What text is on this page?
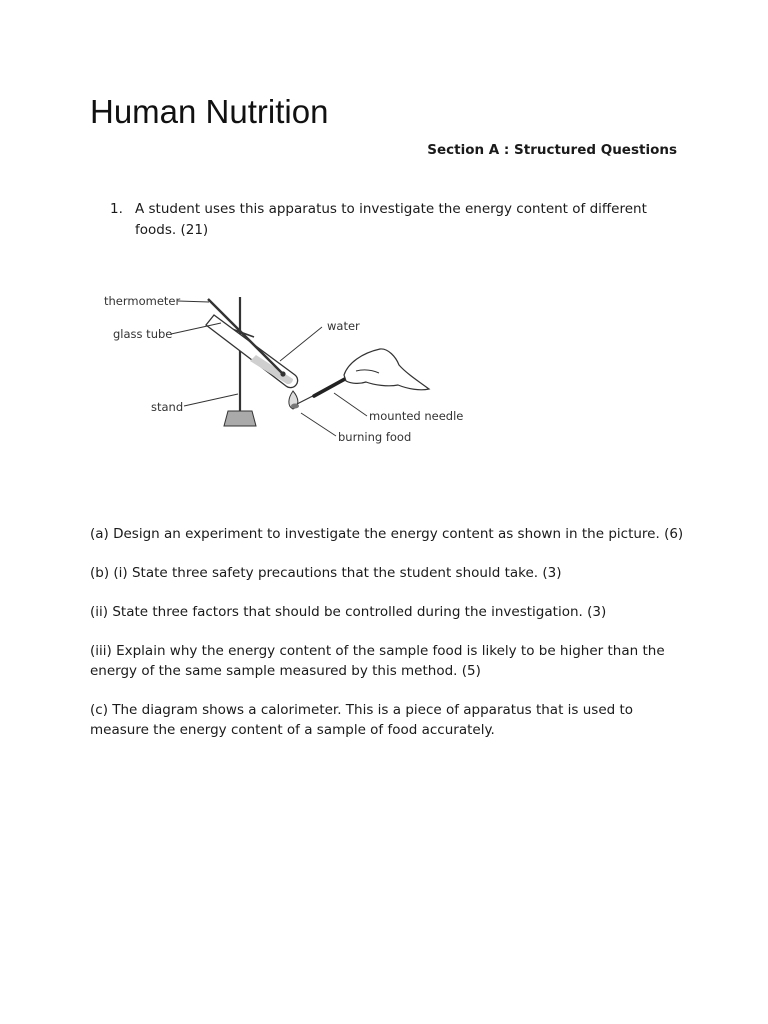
Human Nutrition
Section A : Structured Questions
1. A student uses this apparatus to investigate the energy content of different foods. (21)
thermometer
glass tube
water
stand
mounted needle
burning food

(a) Design an experiment to investigate the energy content as shown in the picture. (6)

(b) (i) State three safety precautions that the student should take. (3)

(ii) State three factors that should be controlled during the investigation. (3)

(iii) Explain why the energy content of the sample food is likely to be higher than the energy of the same sample measured by this method. (5)

(c) The diagram shows a calorimeter. This is a piece of apparatus that is used to measure the energy content of a sample of food accurately.
